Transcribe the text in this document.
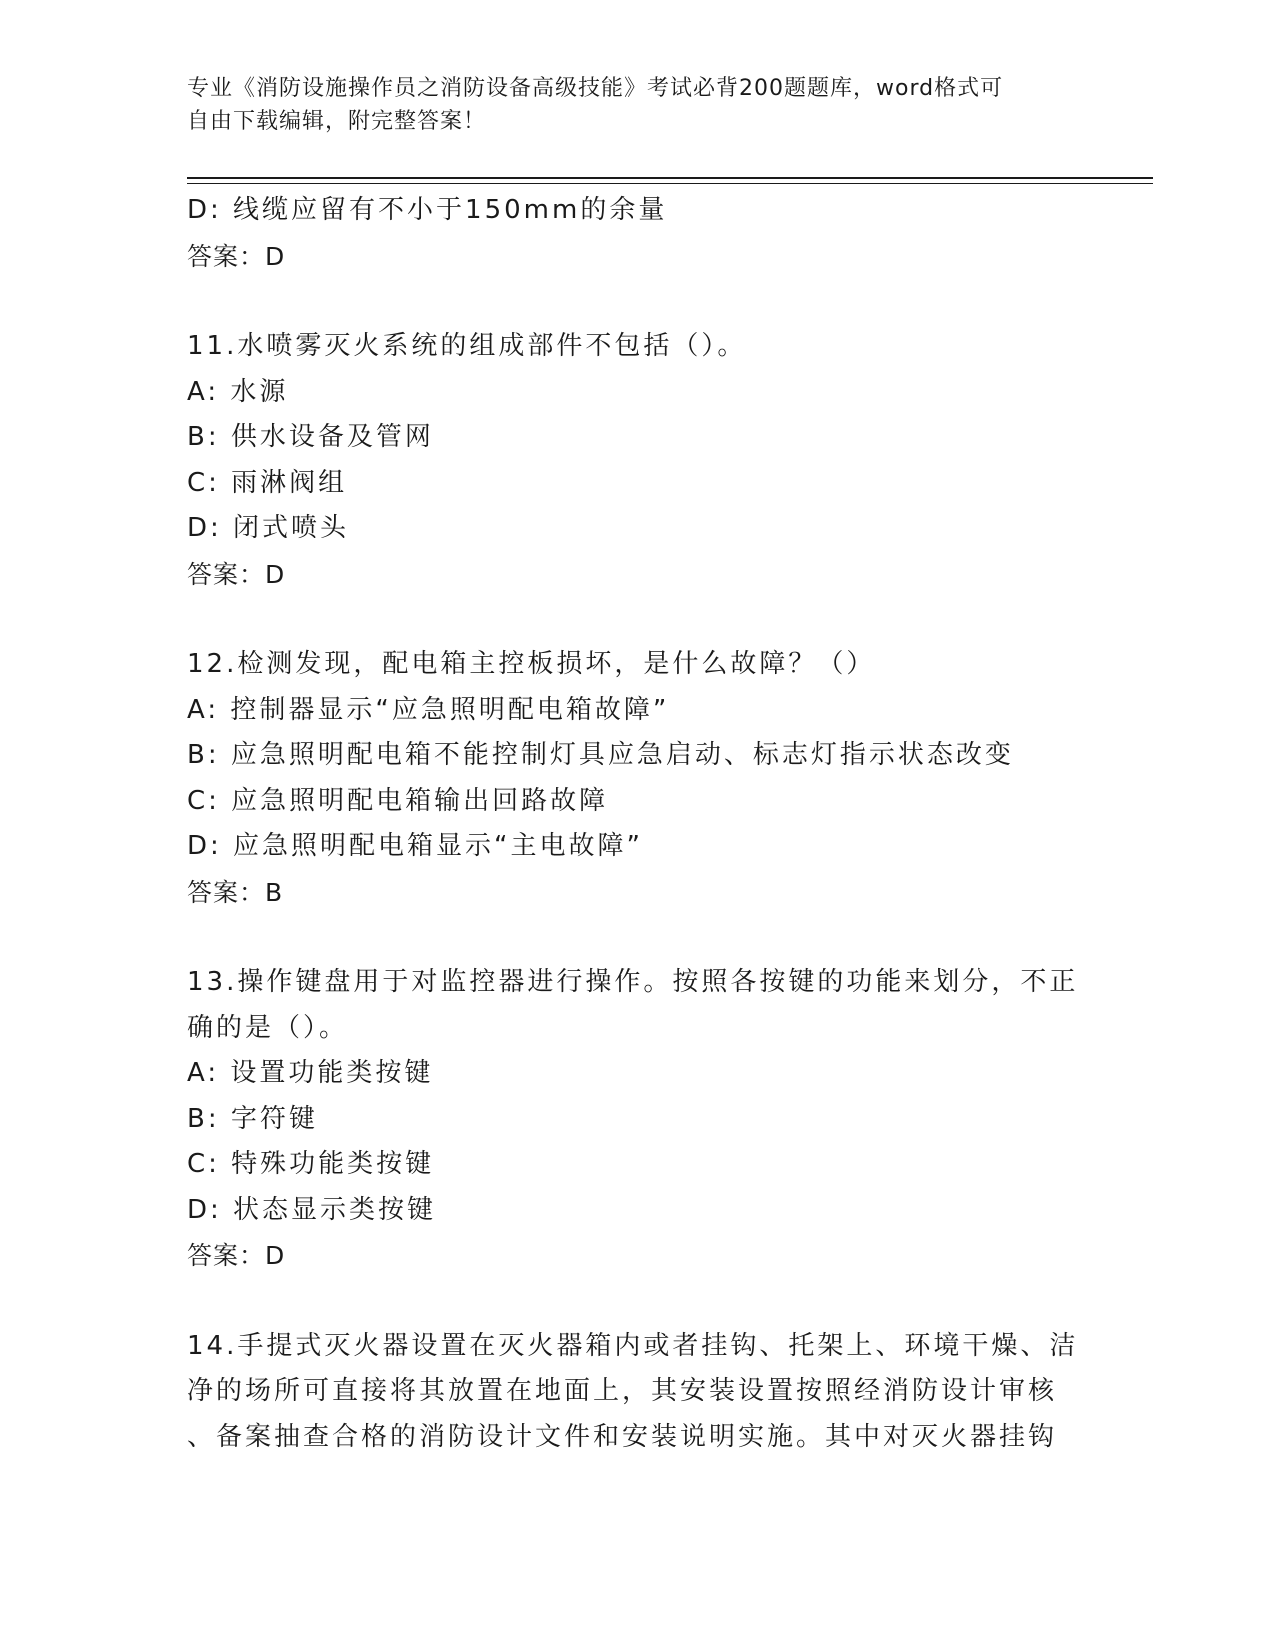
专业《消防设施操作员之消防设备高级技能》考试必背200题题库，word格式可
自由下载编辑，附完整答案！
D: 线缆应留有不小于150mm的余量
答案：D
11.水喷雾灭火系统的组成部件不包括（）。
A: 水源
B: 供水设备及管网
C: 雨淋阀组
D: 闭式喷头
答案：D
12.检测发现，配电箱主控板损坏，是什么故障？（）
A: 控制器显示“应急照明配电箱故障”
B: 应急照明配电箱不能控制灯具应急启动、标志灯指示状态改变
C: 应急照明配电箱输出回路故障
D: 应急照明配电箱显示“主电故障”
答案：B
13.操作键盘用于对监控器进行操作。按照各按键的功能来划分，不正
确的是（）。
A: 设置功能类按键
B: 字符键
C: 特殊功能类按键
D: 状态显示类按键
答案：D
14.手提式灭火器设置在灭火器箱内或者挂钩、托架上、环境干燥、洁
净的场所可直接将其放置在地面上，其安装设置按照经消防设计审核
、备案抽查合格的消防设计文件和安装说明实施。其中对灭火器挂钩
